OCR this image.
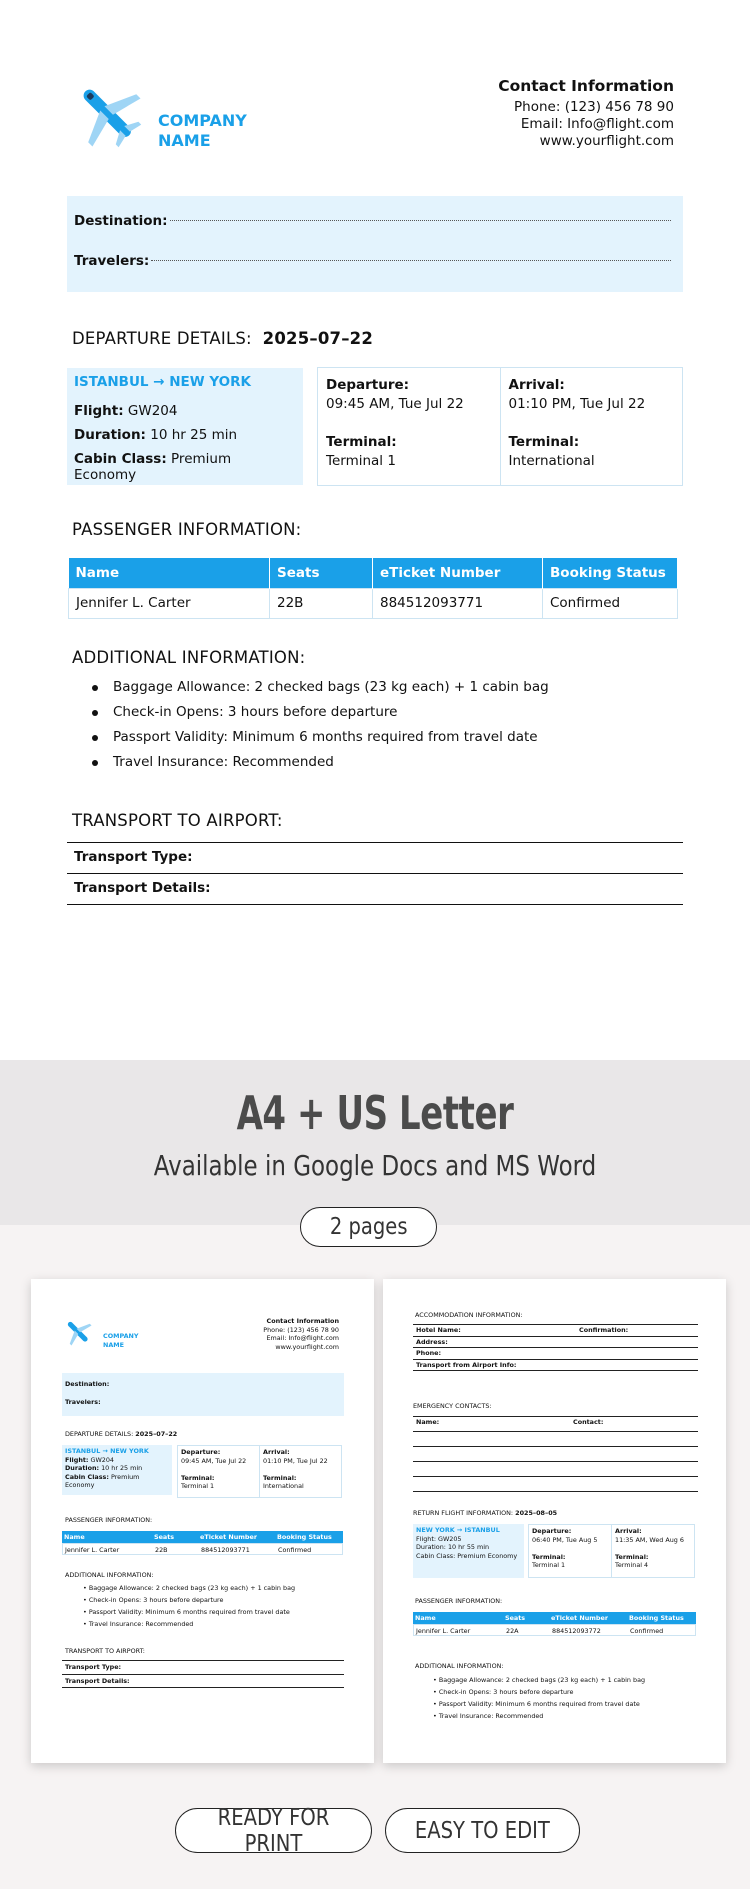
COMPANY
NAME
Contact Information
Phone: (123) 456 78 90
Email: Info@flight.com
www.yourflight.com
Destination:
Travelers:
DEPARTURE DETAILS: 2025–07–22
ISTANBUL → NEW YORK
Flight: GW204
Duration: 10 hr 25 min
Cabin Class: Premium Economy
Departure:
09:45 AM, Tue Jul 22

Terminal:
Terminal 1
Arrival:
01:10 PM, Tue Jul 22

Terminal:
International
PASSENGER INFORMATION:
Name	Seats	eTicket Number	Booking Status
Jennifer L. Carter	22B	884512093771	Confirmed
ADDITIONAL INFORMATION:
Baggage Allowance: 2 checked bags (23 kg each) + 1 cabin bag
Check-in Opens: 3 hours before departure
Passport Validity: Minimum 6 months required from travel date
Travel Insurance: Recommended
TRANSPORT TO AIRPORT:
Transport Type:
Transport Details:
A4 + US Letter
Available in Google Docs and MS Word
2 pages
COMPANY
NAME
Contact Information
Phone: (123) 456 78 90
Email: Info@flight.com
www.yourflight.com
Destination:
Travelers:
DEPARTURE DETAILS: 2025–07–22
ISTANBUL → NEW YORK
Flight: GW204
Duration: 10 hr 25 min
Cabin Class: Premium Economy
Departure:
09:45 AM, Tue Jul 22

Terminal:
Terminal 1
Arrival:
01:10 PM, Tue Jul 22

Terminal:
International
PASSENGER INFORMATION:
Name	Seats	eTicket Number	Booking Status
Jennifer L. Carter	22B	884512093771	Confirmed
ADDITIONAL INFORMATION:
• Baggage Allowance: 2 checked bags (23 kg each) + 1 cabin bag
• Check-in Opens: 3 hours before departure
• Passport Validity: Minimum 6 months required from travel date
• Travel Insurance: Recommended
TRANSPORT TO AIRPORT:
Transport Type:
Transport Details:
ACCOMMODATION INFORMATION:
Hotel Name:	Confirmation:
Address:
Phone:
Transport from Airport Info:
EMERGENCY CONTACTS:
Name:	Contact:
RETURN FLIGHT INFORMATION: 2025–08–05
NEW YORK → ISTANBUL
Flight: GW205
Duration: 10 hr 55 min
Cabin Class: Premium Economy
Departure:
06:40 PM, Tue Aug 5

Terminal:
Terminal 1
Arrival:
11:35 AM, Wed Aug 6

Terminal:
Terminal 4
PASSENGER INFORMATION:
Name	Seats	eTicket Number	Booking Status
Jennifer L. Carter	22A	884512093772	Confirmed
ADDITIONAL INFORMATION:
• Baggage Allowance: 2 checked bags (23 kg each) + 1 cabin bag
• Check-in Opens: 3 hours before departure
• Passport Validity: Minimum 6 months required from travel date
• Travel Insurance: Recommended
READY FOR PRINT	EASY TO EDIT
